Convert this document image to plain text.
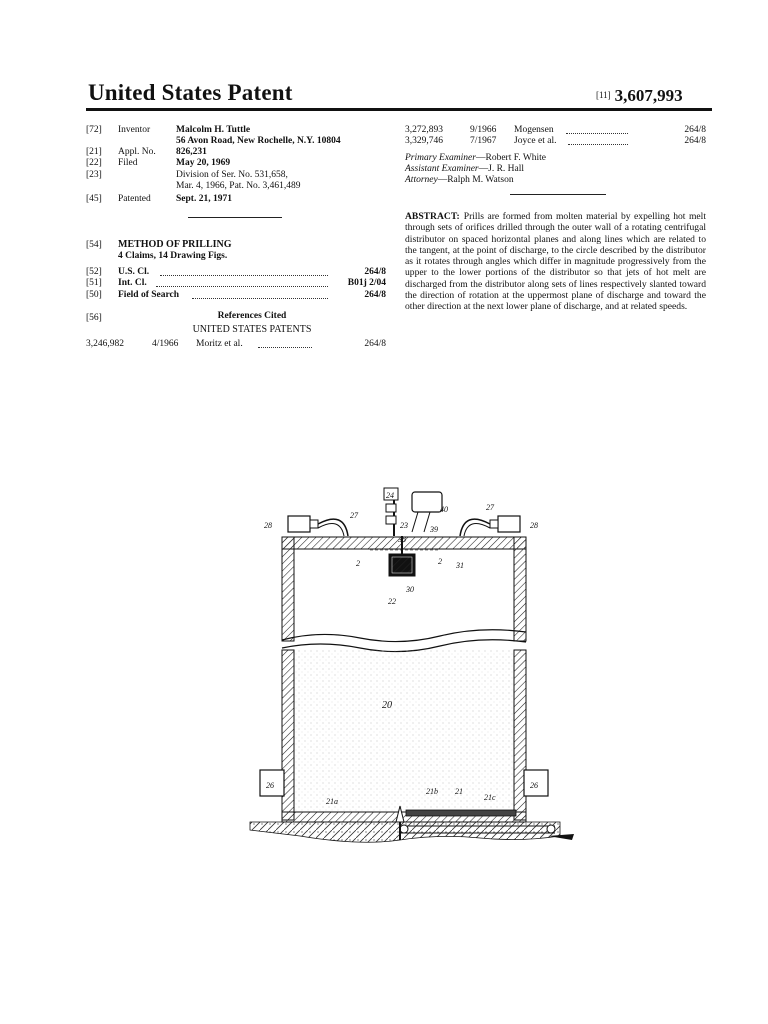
United States Patent	[11] 3,607,993
[72] Inventor	Malcolm H. Tuttle
56 Avon Road, New Rochelle, N.Y. 10804
[21] Appl. No. 826,231
[22] Filed	May 20, 1969
[23]	Division of Ser. No. 531,658,
Mar. 4, 1966, Pat. No. 3,461,489
[45] Patented	Sept. 21, 1971
[54] METHOD OF PRILLING
4 Claims, 14 Drawing Figs.
[52] U.S. Cl.	264/8
[51] Int. Cl.	B01j 2/04
[50] Field of Search	264/8
[56]	References Cited
UNITED STATES PATENTS
3,246,982	4/1966 Moritz et al.	264/8
3,272,893	9/1966 Mogensen	264/8
3,329,746	7/1967 Joyce et al.	264/8
Primary Examiner—Robert F. White
Assistant Examiner—J. R. Hall
Attorney—Ralph M. Watson
ABSTRACT: Prills are formed from molten material by expelling hot melt through sets of orifices drilled through the outer wall of a rotating centrifugal distributor on spaced horizontal planes and along lines which are related to the tangent, at the point of discharge, to the circle described by the distributor as it rotates through angles which differ in magnitude progressively from the upper to the lower portions of the distributor so that jets of hot melt are discharged from the distributor along sets of lines respectively slanted toward the direction of rotation at the uppermost plane of discharge and toward the other direction at the next lower plane of discharge, and at related speeds.
20
21
21a
21b
21c
22
23
24
26	26
27
27
28	28
2	2
30
31
38
39
40
